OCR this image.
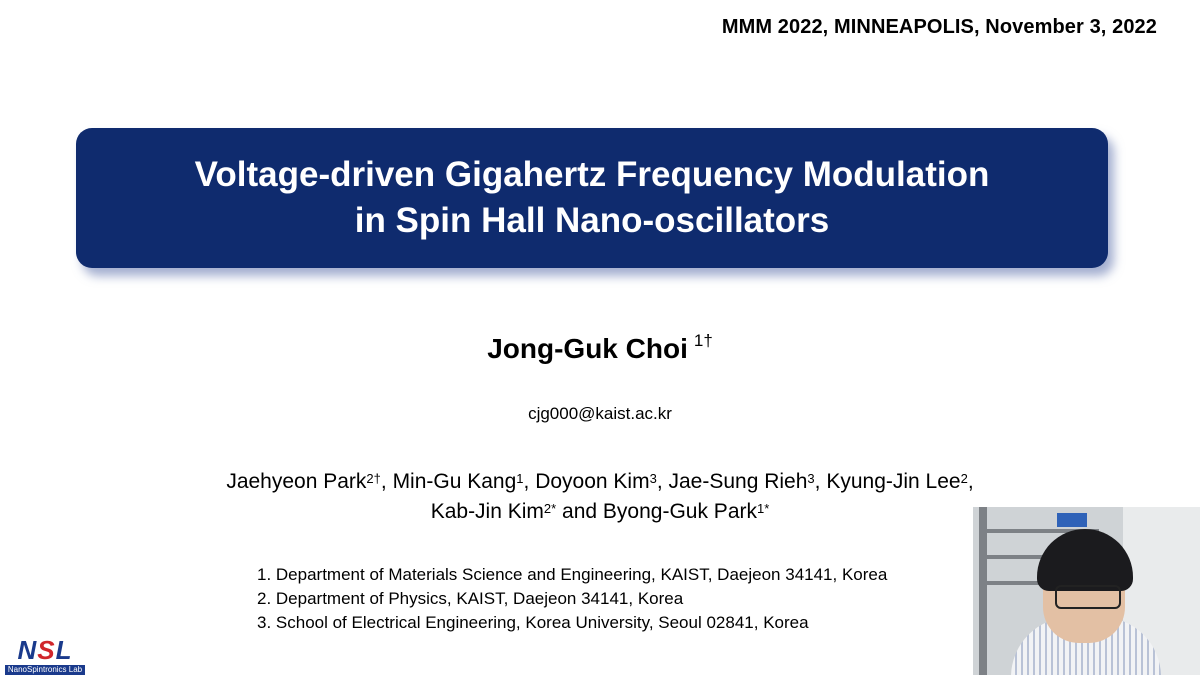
MMM 2022, MINNEAPOLIS, November 3, 2022
Voltage-driven Gigahertz Frequency Modulation
in Spin Hall Nano-oscillators
Jong-Guk Choi $^{1\dagger}$
cjg000@kaist.ac.kr
Jaehyeon Park$^{2\dagger}$, Min-Gu Kang$^1$, Doyoon Kim$^3$, Jae-Sung Rieh$^3$, Kyung-Jin Lee$^2$,
Kab-Jin Kim$^{2*}$ and Byong-Guk Park$^{1*}$
1. Department of Materials Science and Engineering, KAIST, Daejeon 34141, Korea
2. Department of Physics, KAIST, Daejeon 34141, Korea
3. School of Electrical Engineering, Korea University, Seoul 02841, Korea
NSL
NanoSpintronics Lab
